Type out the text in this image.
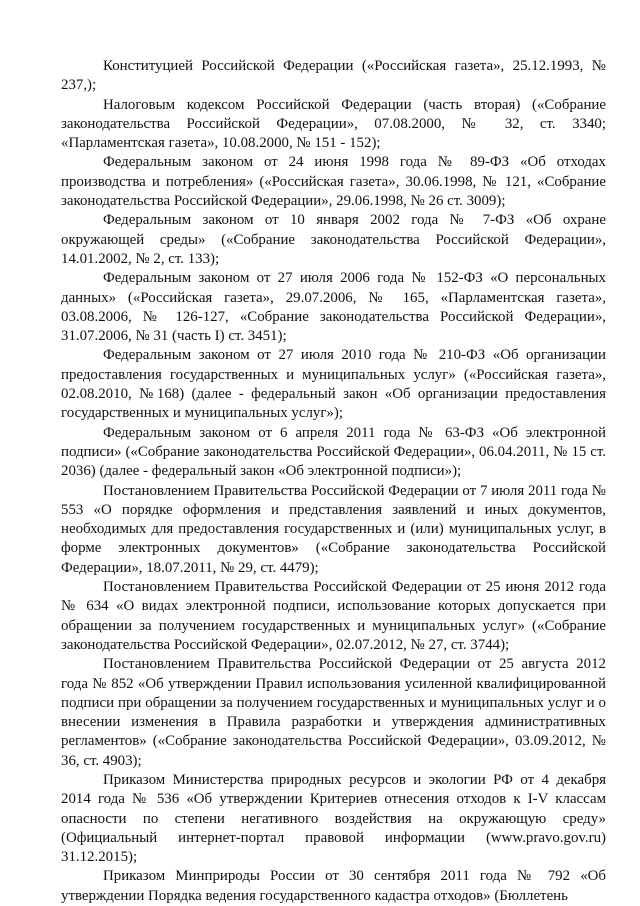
Конституцией Российской Федерации («Российская газета», 25.12.1993, № 237,);

Налоговым кодексом Российской Федерации (часть вторая) («Собрание законодательства Российской Федерации», 07.08.2000, № 32, ст. 3340; «Парламентская газета», 10.08.2000, № 151 - 152);

Федеральным законом от 24 июня 1998 года № 89-ФЗ «Об отходах производства и потребления» («Российская газета», 30.06.1998, № 121, «Собрание законодательства Российской Федерации», 29.06.1998, № 26 ст. 3009);

Федеральным законом от 10 января 2002 года № 7-ФЗ «Об охране окружающей среды» («Собрание законодательства Российской Федерации», 14.01.2002, № 2, ст. 133);

Федеральным законом от 27 июля 2006 года № 152-ФЗ «О персональных данных» («Российская газета», 29.07.2006, № 165, «Парламентская газета», 03.08.2006, № 126-127, «Собрание законодательства Российской Федерации», 31.07.2006, № 31 (часть I) ст. 3451);

Федеральным законом от 27 июля 2010 года № 210-ФЗ «Об организации предоставления государственных и муниципальных услуг» («Российская газета», 02.08.2010, №168) (далее - федеральный закон «Об организации предоставления государственных и муниципальных услуг»);

Федеральным законом от 6 апреля 2011 года № 63-ФЗ «Об электронной подписи» («Собрание законодательства Российской Федерации», 06.04.2011, № 15 ст. 2036) (далее - федеральный закон «Об электронной подписи»);

Постановлением Правительства Российской Федерации от 7 июля 2011 года № 553 «О порядке оформления и представления заявлений и иных документов, необходимых для предоставления государственных и (или) муниципальных услуг, в форме электронных документов» («Собрание законодательства Российской Федерации», 18.07.2011, № 29, ст. 4479);

Постановлением Правительства Российской Федерации от 25 июня 2012 года № 634 «О видах электронной подписи, использование которых допускается при обращении за получением государственных и муниципальных услуг» («Собрание законодательства Российской Федерации», 02.07.2012, № 27, ст. 3744);

Постановлением Правительства Российской Федерации от 25 августа 2012 года № 852 «Об утверждении Правил использования усиленной квалифицированной подписи при обращении за получением государственных и муниципальных услуг и о внесении изменения в Правила разработки и утверждения административных регламентов» («Собрание законодательства Российской Федерации», 03.09.2012, № 36, ст. 4903);

Приказом Министерства природных ресурсов и экологии РФ от 4 декабря 2014 года № 536 «Об утверждении Критериев отнесения отходов к I-V классам опасности по степени негативного воздействия на окружающую среду» (Официальный интернет-портал правовой информации (www.pravo.gov.ru) 31.12.2015);

Приказом Минприроды России от 30 сентября 2011 года № 792 «Об утверждении Порядка ведения государственного кадастра отходов» (Бюллетень
